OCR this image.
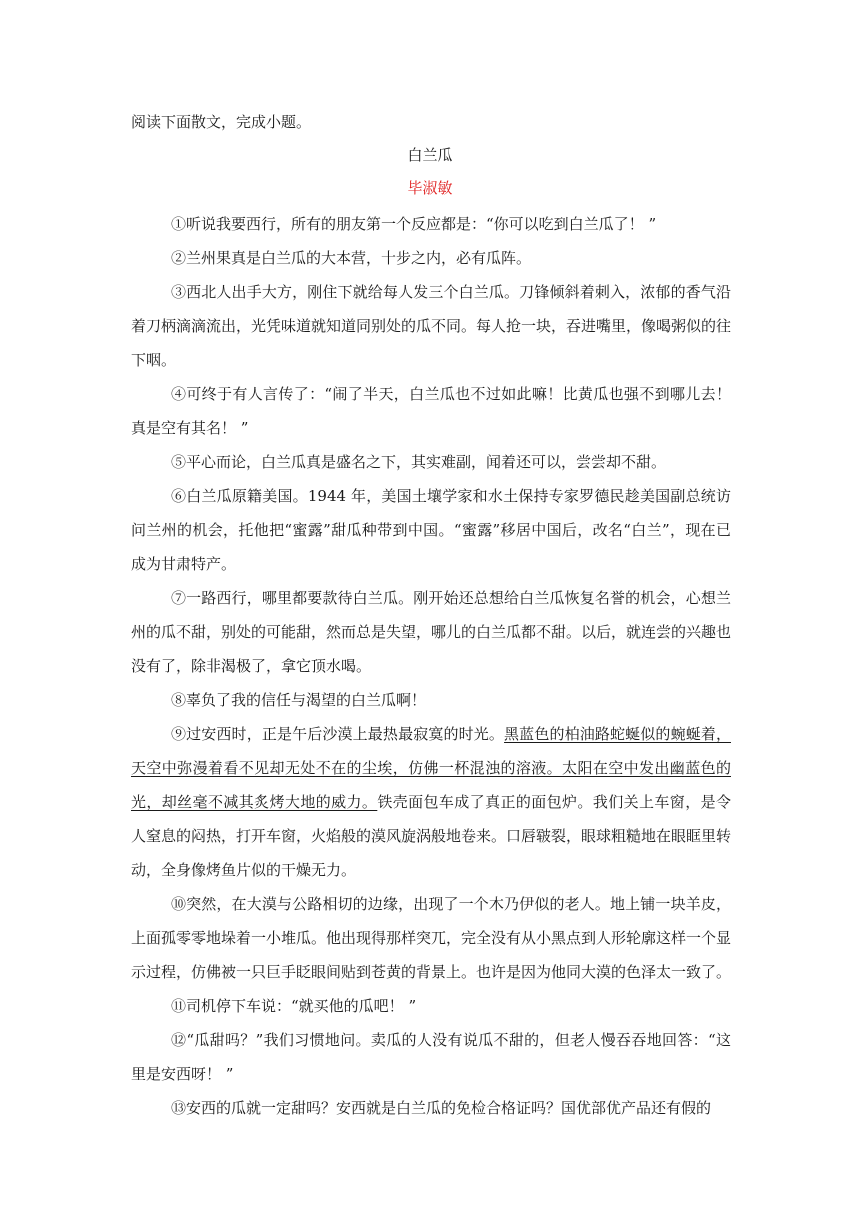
阅读下面散文，完成小题。
白兰瓜
毕淑敏

①听说我要西行，所有的朋友第一个反应都是：“你可以吃到白兰瓜了！ ”

②兰州果真是白兰瓜的大本营，十步之内，必有瓜阵。

③西北人出手大方，刚住下就给每人发三个白兰瓜。刀锋倾斜着刺入，浓郁的香气沿着刀柄滴滴流出，光凭味道就知道同别处的瓜不同。每人抢一块，吞进嘴里，像喝粥似的往下咽。

④可终于有人言传了：“闹了半天，白兰瓜也不过如此嘛！比黄瓜也强不到哪儿去！真是空有其名！ ”

⑤平心而论，白兰瓜真是盛名之下，其实难副，闻着还可以，尝尝却不甜。

⑥白兰瓜原籍美国。1944 年，美国土壤学家和水土保持专家罗德民趁美国副总统访问兰州的机会，托他把“蜜露”甜瓜种带到中国。“蜜露”移居中国后，改名“白兰”，现在已成为甘肃特产。

⑦一路西行，哪里都要款待白兰瓜。刚开始还总想给白兰瓜恢复名誉的机会，心想兰州的瓜不甜，别处的可能甜，然而总是失望，哪儿的白兰瓜都不甜。以后，就连尝的兴趣也没有了，除非渴极了，拿它顶水喝。

⑧辜负了我的信任与渴望的白兰瓜啊！

⑨过安西时，正是午后沙漠上最热最寂寞的时光。黑蓝色的柏油路蛇蜒似的蜿蜒着，天空中弥漫着看不见却无处不在的尘埃，仿佛一杯混浊的溶液。太阳在空中发出幽蓝色的光，却丝毫不减其炙烤大地的威力。铁壳面包车成了真正的面包炉。我们关上车窗，是令人窒息的闷热，打开车窗，火焰般的漠风旋涡般地卷来。口唇皲裂，眼球粗糙地在眼眶里转动，全身像烤鱼片似的干燥无力。

⑩突然，在大漠与公路相切的边缘，出现了一个木乃伊似的老人。地上铺一块羊皮，上面孤零零地垛着一小堆瓜。他出现得那样突兀，完全没有从小黑点到人形轮廓这样一个显示过程，仿佛被一只巨手眨眼间贴到苍黄的背景上。也许是因为他同大漠的色泽太一致了。

⑪司机停下车说：“就买他的瓜吧！ ”

⑫“瓜甜吗？”我们习惯地问。卖瓜的人没有说瓜不甜的，但老人慢吞吞地回答：“这里是安西呀！ ”

⑬安西的瓜就一定甜吗？安西就是白兰瓜的免检合格证吗？国优部优产品还有假的
